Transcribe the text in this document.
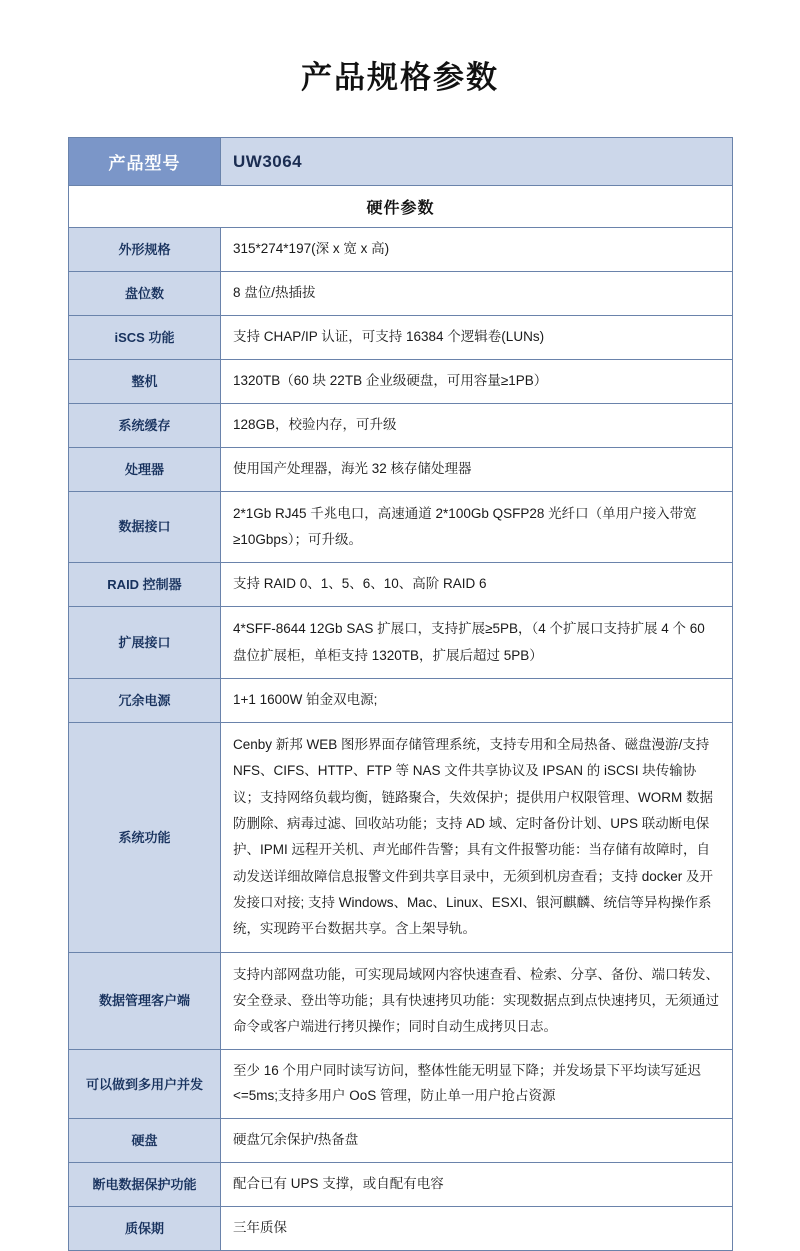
产品规格参数
产品型号	UW3064
硬件参数	
外形规格	315*274*197(深 x 宽 x 高)
盘位数	8 盘位/热插拔
iSCS 功能	支持 CHAP/IP 认证，可支持 16384 个逻辑卷(LUNs)
整机	1320TB（60 块 22TB 企业级硬盘，可用容量≥1PB）
系统缓存	128GB，校验内存，可升级
处理器	使用国产处理器，海光 32 核存储处理器
数据接口	2*1Gb RJ45 千兆电口，高速通道 2*100Gb QSFP28 光纤口（单用户接入带宽≥10Gbps）；可升级。
RAID 控制器	支持 RAID 0、1、5、6、10、高阶 RAID 6
扩展接口	4*SFF-8644 12Gb SAS 扩展口，支持扩展≥5PB，（4 个扩展口支持扩展 4 个 60 盘位扩展柜，单柜支持 1320TB，扩展后超过 5PB）
冗余电源	1+1 1600W 铂金双电源;
系统功能	Cenby 新邦 WEB 图形界面存储管理系统，支持专用和全局热备、磁盘漫游/支持 NFS、CIFS、HTTP、FTP 等 NAS 文件共享协议及 IPSAN 的 iSCSI 块传输协议；支持网络负载均衡，链路聚合，失效保护；提供用户权限管理、WORM 数据防删除、病毒过滤、回收站功能；支持 AD 域、定时备份计划、UPS 联动断电保护、IPMI 远程开关机、声光邮件告警；具有文件报警功能：当存储有故障时，自动发送详细故障信息报警文件到共享目录中，无须到机房查看；支持 docker 及开发接口对接; 支持 Windows、Mac、Linux、ESXI、银河麒麟、统信等异构操作系统，实现跨平台数据共享。含上架导轨。
数据管理客户端	支持内部网盘功能，可实现局域网内容快速查看、检索、分享、备份、端口转发、安全登录、登出等功能；具有快速拷贝功能：实现数据点到点快速拷贝，无须通过命令或客户端进行拷贝操作；同时自动生成拷贝日志。
可以做到多用户并发	至少 16 个用户同时读写访问，整体性能无明显下降；并发场景下平均读写延迟<=5ms;支持多用户 OoS 管理，防止单一用户抢占资源
硬盘	硬盘冗余保护/热备盘
断电数据保护功能	配合已有 UPS 支撑，或自配有电容
质保期	三年质保
